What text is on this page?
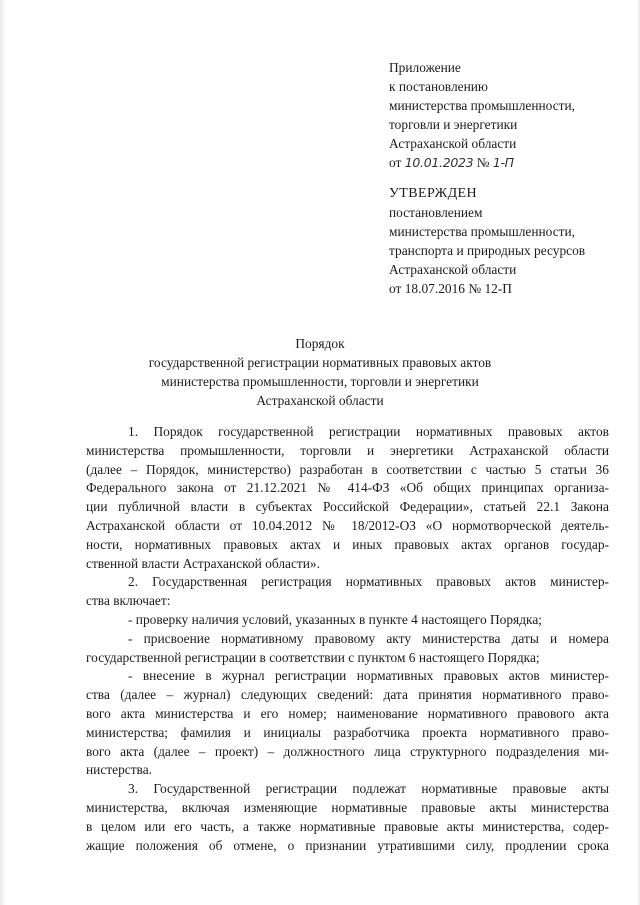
Приложение
к постановлению
министерства промышленности,
торговли и энергетики
Астраханской области
от 10.01.2023 № 1-П
УТВЕРЖДЕН
постановлением
министерства промышленности,
транспорта и природных ресурсов
Астраханской области
от 18.07.2016 № 12-П
Порядок
государственной регистрации нормативных правовых актов
министерства промышленности, торговли и энергетики
Астраханской области
1. Порядок государственной регистрации нормативных правовых актов
министерства промышленности, торговли и энергетики Астраханской области
(далее – Порядок, министерство) разработан в соответствии с частью 5 статьи 36
Федерального закона от 21.12.2021 № 414-ФЗ «Об общих принципах организа-
ции публичной власти в субъектах Российской Федерации», статьей 22.1 Закона
Астраханской области от 10.04.2012 № 18/2012-ОЗ «О нормотворческой деятель-
ности, нормативных правовых актах и иных правовых актах органов государ-
ственной власти Астраханской области».
2. Государственная регистрация нормативных правовых актов министер-
ства включает:
- проверку наличия условий, указанных в пункте 4 настоящего Порядка;
- присвоение нормативному правовому акту министерства даты и номера
государственной регистрации в соответствии с пунктом 6 настоящего Порядка;
- внесение в журнал регистрации нормативных правовых актов министер-
ства (далее – журнал) следующих сведений: дата принятия нормативного право-
вого акта министерства и его номер; наименование нормативного правового акта
министерства; фамилия и инициалы разработчика проекта нормативного право-
вого акта (далее – проект) – должностного лица структурного подразделения ми-
нистерства.
3. Государственной регистрации подлежат нормативные правовые акты
министерства, включая изменяющие нормативные правовые акты министерства
в целом или его часть, а также нормативные правовые акты министерства, содер-
жащие положения об отмене, о признании утратившими силу, продлении срока
